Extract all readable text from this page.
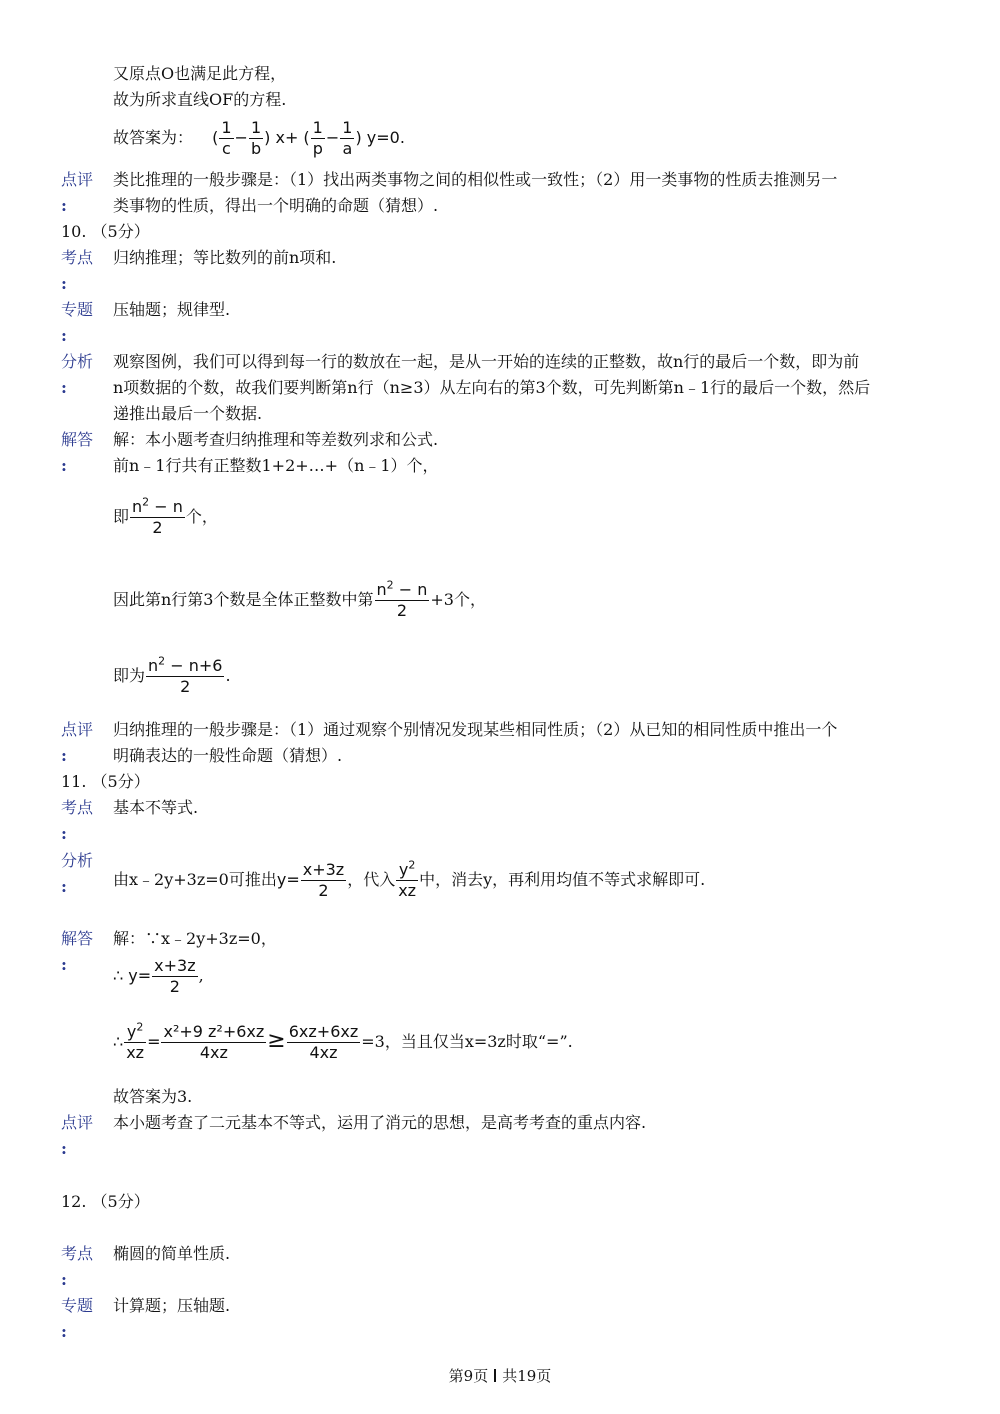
又原点O也满足此方程，
故为所求直线OF的方程.
故答案为： ( $\frac{1}{c} - \frac{1}{b}$ ) x+ ( $\frac{1}{p} - \frac{1}{a}$ ) y=0.
点评
:
类比推理的一般步骤是：（1）找出两类事物之间的相似性或一致性；（2）用一类事物的性质去推测另一
类事物的性质，得出一个明确的命题（猜想）.
10. （5分）
考点
:
归纳推理；等比数列的前n项和.
专题
:
压轴题；规律型.
分析
:
观察图例，我们可以得到每一行的数放在一起，是从一开始的连续的正整数，故n行的最后一个数，即为前
n项数据的个数，故我们要判断第n行（n≥3）从左向右的第3个数，可先判断第n﹣1行的最后一个数，然后
递推出最后一个数据.
解答
:
解：本小题考查归纳推理和等差数列求和公式.
前n﹣1行共有正整数1+2+…+（n﹣1）个，
即 $\frac{n^2 - n}{2}$ 个，
因此第n行第3个数是全体正整数中第 $\frac{n^2 - n}{2} +3$个，
即为 $\frac{n^2 - n+6}{2}$ .
点评
:
归纳推理的一般步骤是：（1）通过观察个别情况发现某些相同性质；（2）从已知的相同性质中推出一个
明确表达的一般性命题（猜想）.
11. （5分）
考点
:
基本不等式.
分析
:	由x﹣2y+3z=0可推出$y= \frac{x+3z}{2}$ ，代入 $\frac{y^2}{xz}$ 中，消去y，再利用均值不等式求解即可.
解答
:
解：∵x﹣2y+3z=0，
∴ $y= \frac{x+3z}{2}$ ,
∴ $\frac{y^2}{xz} = \frac{\text{x²+9 z²+6xz}}{4xz} \ge \frac{6xz+6xz}{4xz} =3$，当且仅当x=3z时取“=”.
故答案为3.
点评
:
本小题考查了二元基本不等式，运用了消元的思想，是高考考查的重点内容.
12. （5分）
考点
:
椭圆的简单性质.
专题
:
计算题；压轴题.
第9页 共19页
